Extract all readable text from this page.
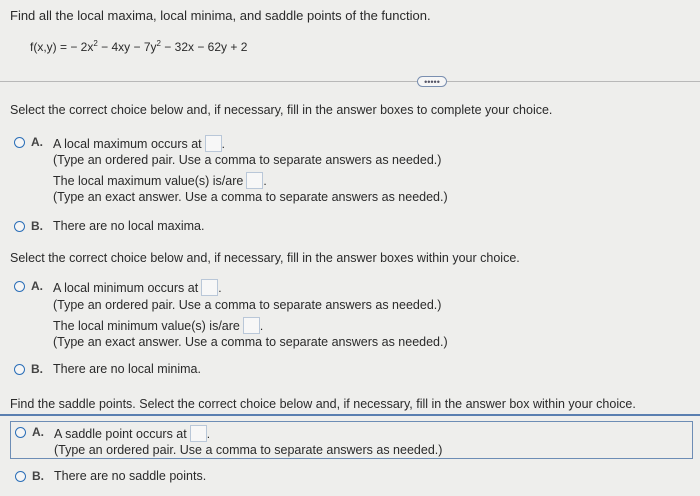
Find all the local maxima, local minima, and saddle points of the function.
f(x,y) = − $2x^2 - 4xy - 7y^2 - 32x - 62y + 2$
•••••
Select the correct choice below and, if necessary, fill in the answer boxes to complete your choice.
A. A local maximum occurs at .
(Type an ordered pair. Use a comma to separate answers as needed.)
The local maximum value(s) is/are .
(Type an exact answer. Use a comma to separate answers as needed.)
B. There are no local maxima.
Select the correct choice below and, if necessary, fill in the answer boxes within your choice.
A. A local minimum occurs at .
(Type an ordered pair. Use a comma to separate answers as needed.)
The local minimum value(s) is/are .
(Type an exact answer. Use a comma to separate answers as needed.)
B. There are no local minima.
Find the saddle points. Select the correct choice below and, if necessary, fill in the answer box within your choice.
A. A saddle point occurs at .
(Type an ordered pair. Use a comma to separate answers as needed.)
B. There are no saddle points.
